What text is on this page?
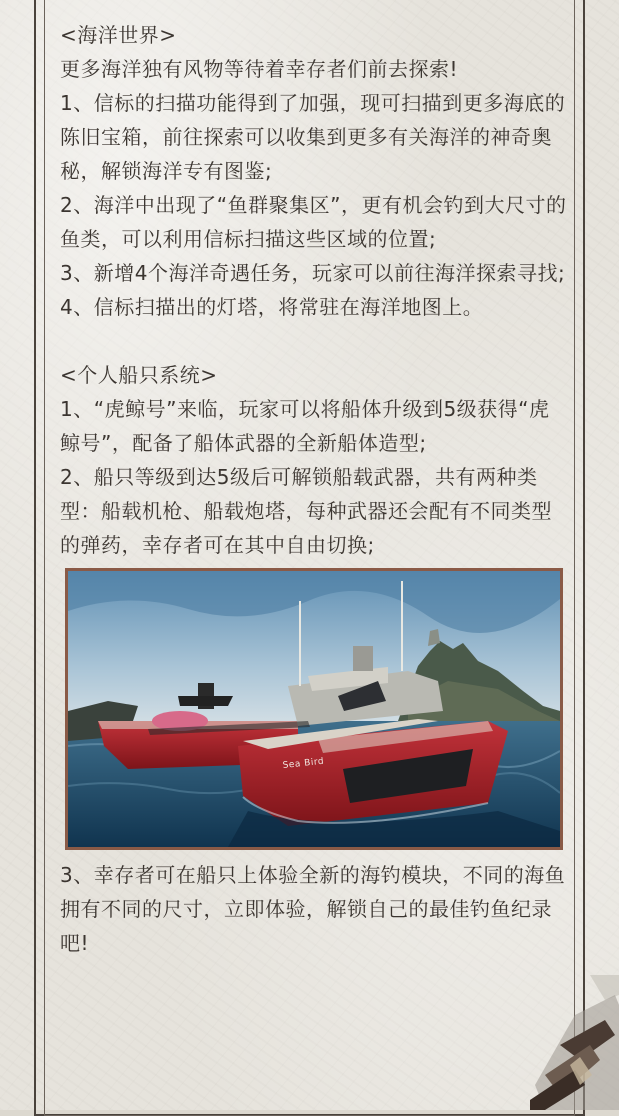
<海洋世界>

更多海洋独有风物等待着幸存者们前去探索!

1、信标的扫描功能得到了加强，现可扫描到更多海底的陈旧宝箱，前往探索可以收集到更多有关海洋的神奇奥秘，解锁海洋专有图鉴;

2、海洋中出现了“鱼群聚集区”，更有机会钓到大尺寸的鱼类，可以利用信标扫描这些区域的位置;

3、新增4个海洋奇遇任务，玩家可以前往海洋探索寻找;

4、信标扫描出的灯塔，将常驻在海洋地图上。

<个人船只系统>

1、“虎鲸号”来临，玩家可以将船体升级到5级获得“虎鲸号”，配备了船体武器的全新船体造型;

2、船只等级到达5级后可解锁船载武器，共有两种类型：船载机枪、船载炮塔，每种武器还会配有不同类型的弹药，幸存者可在其中自由切换;

Sea Bird

3、幸存者可在船只上体验全新的海钓模块，不同的海鱼拥有不同的尺寸，立即体验，解锁自己的最佳钓鱼纪录吧!
